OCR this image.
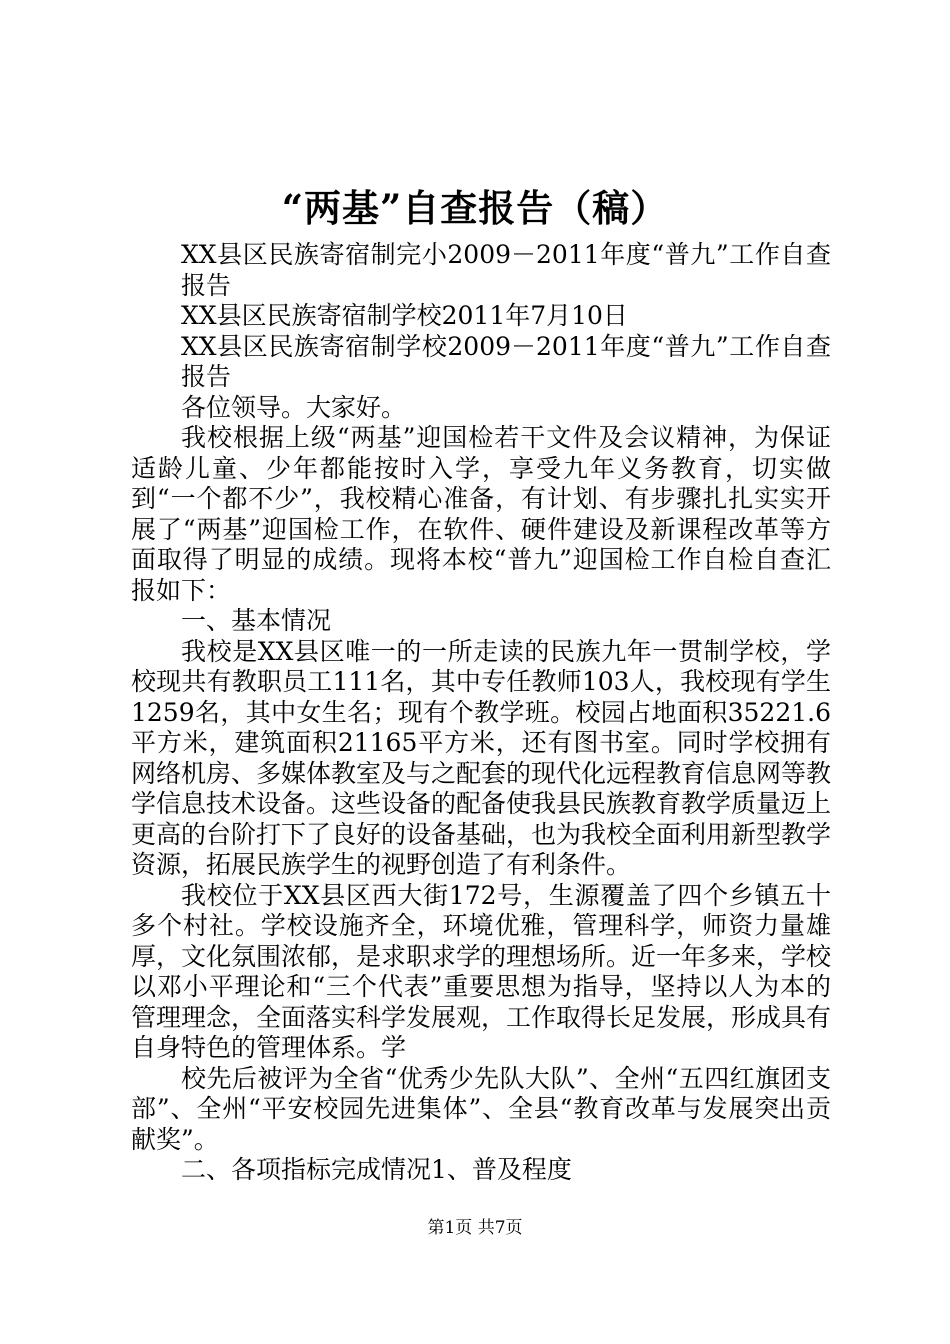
“两基”自查报告（稿）

XX县区民族寄宿制完小2009－2011年度“普九”工作自查报告

XX县区民族寄宿制学校2011年7月10日

XX县区民族寄宿制学校2009－2011年度“普九”工作自查报告

各位领导。大家好。

我校根据上级“两基”迎国检若干文件及会议精神，为保证适龄儿童、少年都能按时入学，享受九年义务教育，切实做到“一个都不少”，我校精心准备，有计划、有步骤扎扎实实开展了“两基”迎国检工作，在软件、硬件建设及新课程改革等方面取得了明显的成绩。现将本校“普九”迎国检工作自检自查汇报如下：

一、基本情况

我校是XX县区唯一的一所走读的民族九年一贯制学校，学校现共有教职员工111名，其中专任教师103人，我校现有学生1259名，其中女生名；现有个教学班。校园占地面积35221.6平方米，建筑面积21165平方米，还有图书室。同时学校拥有网络机房、多媒体教室及与之配套的现代化远程教育信息网等教学信息技术设备。这些设备的配备使我县民族教育教学质量迈上更高的台阶打下了良好的设备基础，也为我校全面利用新型教学资源，拓展民族学生的视野创造了有利条件。

我校位于XX县区西大街172号，生源覆盖了四个乡镇五十多个村社。学校设施齐全，环境优雅，管理科学，师资力量雄厚，文化氛围浓郁，是求职求学的理想场所。近一年多来，学校以邓小平理论和“三个代表”重要思想为指导，坚持以人为本的管理理念，全面落实科学发展观，工作取得长足发展，形成具有自身特色的管理体系。学

校先后被评为全省“优秀少先队大队”、全州“五四红旗团支部”、全州“平安校园先进集体”、全县“教育改革与发展突出贡献奖”。

二、各项指标完成情况1、普及程度

第1页 共7页
